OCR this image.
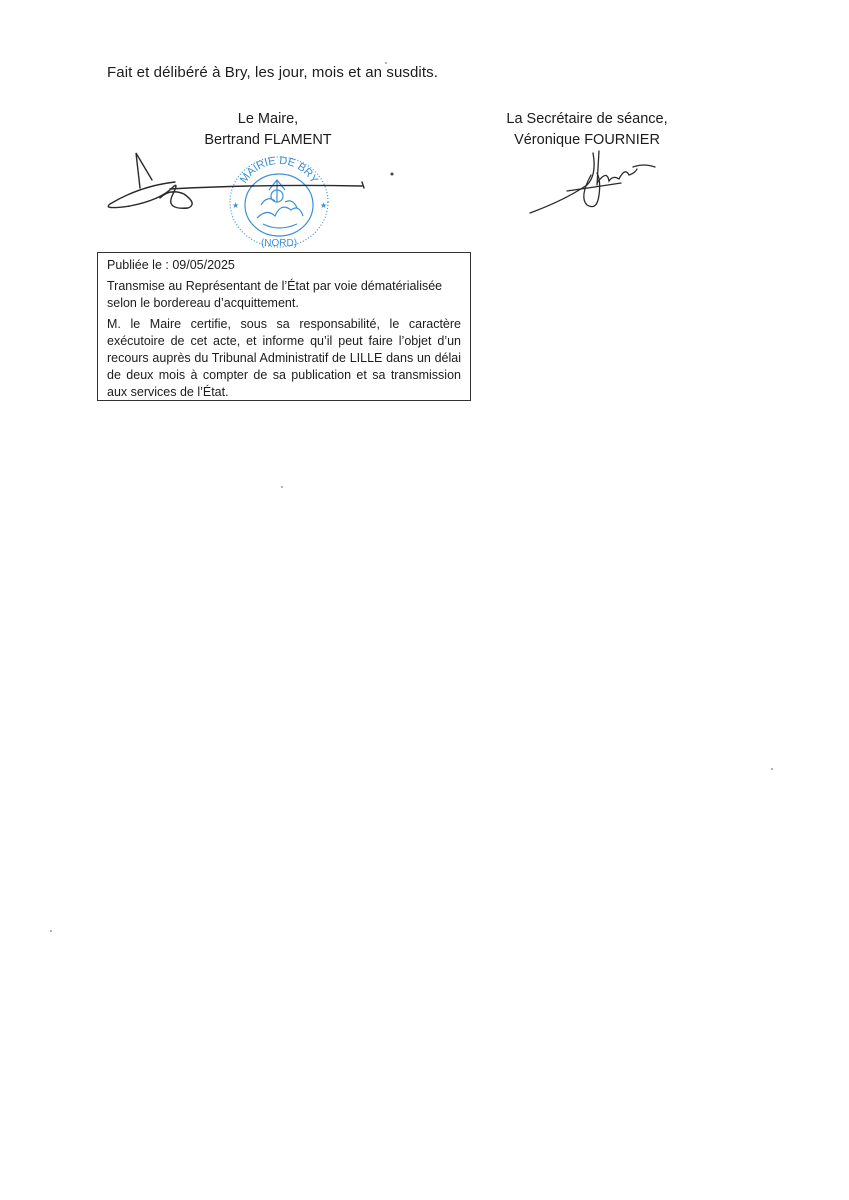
Fait et délibéré à Bry, les jour, mois et an susdits.
Le Maire,
Bertrand FLAMENT
La Secrétaire de séance,
Véronique FOURNIER
MAIRIE DE BRY
(NORD)
★	★

Publiée le : 09/05/2025

Transmise au Représentant de l’État par voie dématérialisée selon le bordereau d’acquittement.

M. le Maire certifie, sous sa responsabilité, le caractère exécutoire de cet acte, et informe qu’il peut faire l’objet d’un recours auprès du Tribunal Administratif de LILLE dans un délai de deux mois à compter de sa publication et sa transmission aux services de l’État.
